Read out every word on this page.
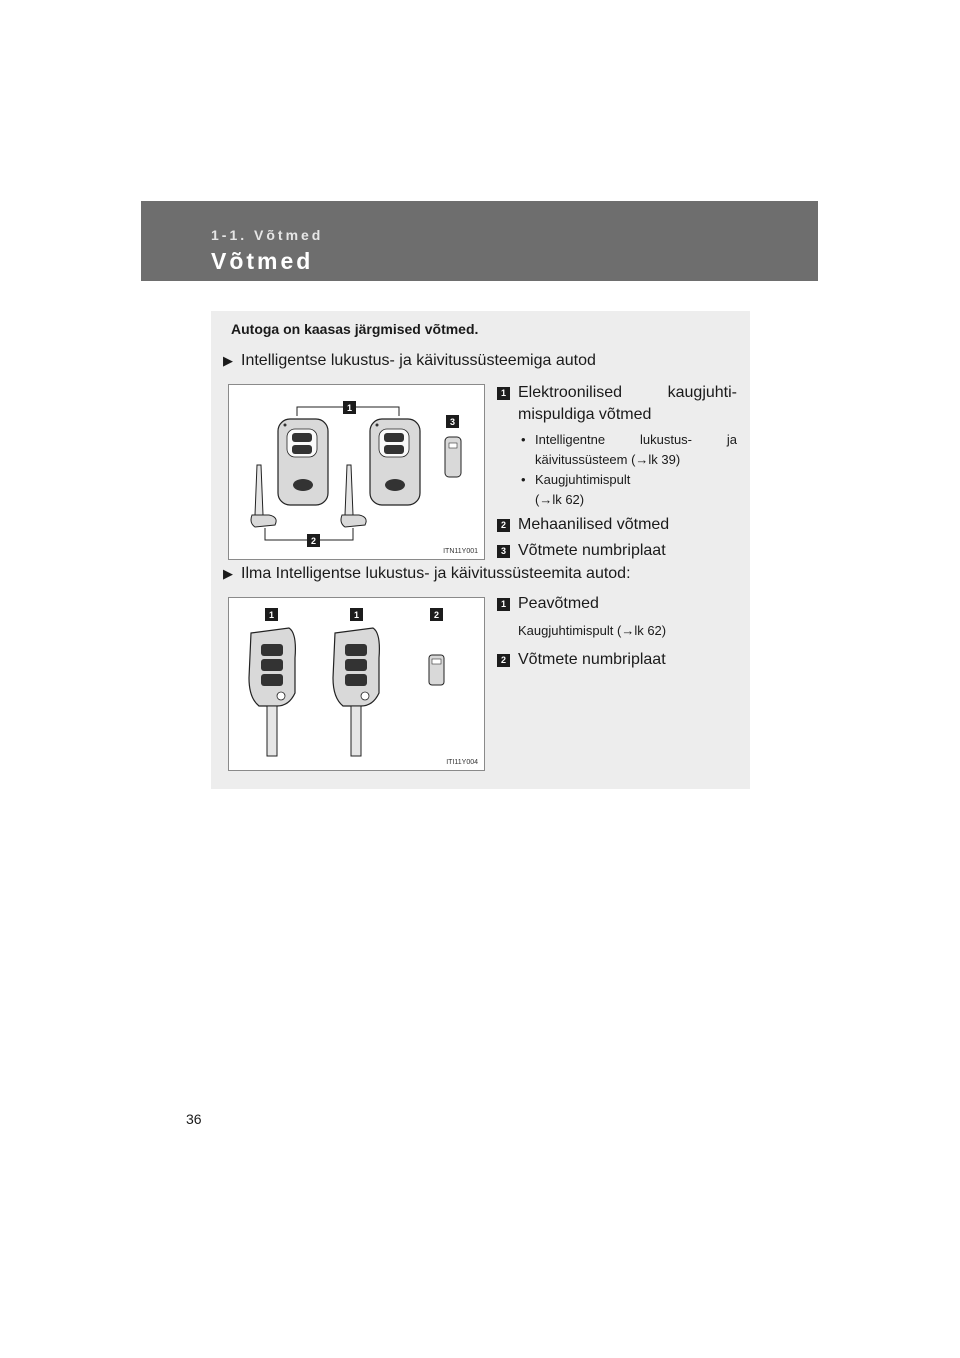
1-1. Võtmed
Võtmed
Autoga on kaasas järgmised võtmed.
▶ Intelligentse lukustus- ja käivitussüsteemiga autod
1
3
2
ITN11Y001
1 Elektroonilised	kaugjuhti-
mispuldiga võtmed
• Intelligentne	lukustus-	ja
käivitussüsteem (→lk 39)
• Kaugjuhtimispult
(→lk 62)
2 Mehaanilised võtmed
3 Võtmete numbriplaat
▶ Ilma Intelligentse lukustus- ja käivitussüsteemita autod:
1	1	2
ITI11Y004
1 Peavõtmed
Kaugjuhtimispult (→lk 62)
2 Võtmete numbriplaat
36
